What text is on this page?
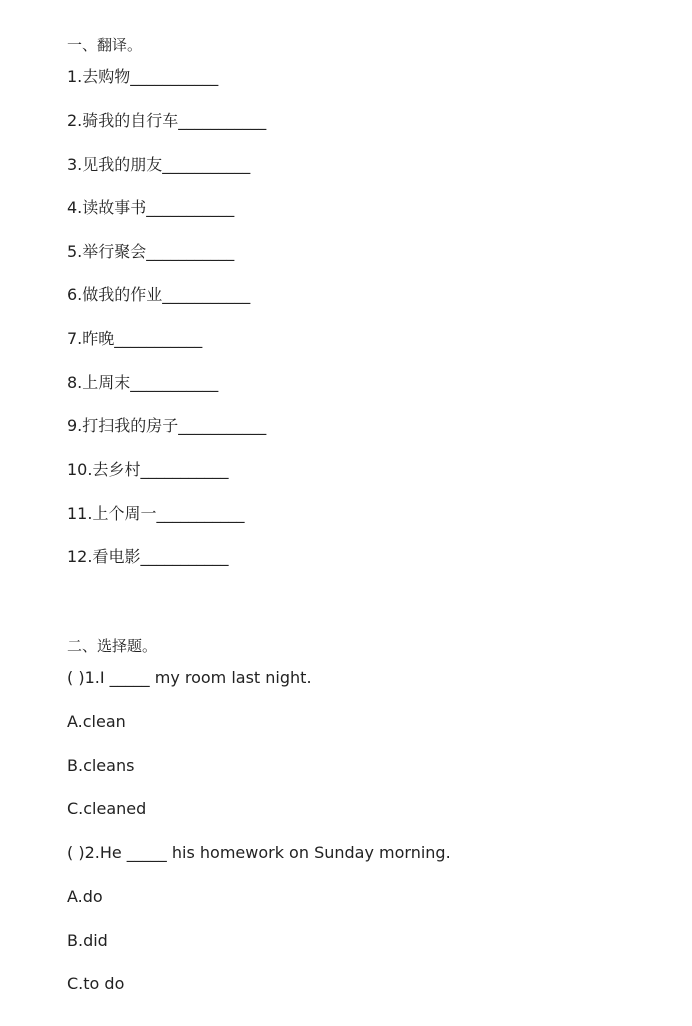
一、翻译。
1.去购物___________
2.骑我的自行车___________
3.见我的朋友___________
4.读故事书___________
5.举行聚会___________
6.做我的作业___________
7.昨晚___________
8.上周末___________
9.打扫我的房子___________
10.去乡村___________
11.上个周一___________
12.看电影___________
二、选择题。
( )1.I _____ my room last night.
A.clean
B.cleans
C.cleaned
( )2.He _____ his homework on Sunday morning.
A.do
B.did
C.to do
